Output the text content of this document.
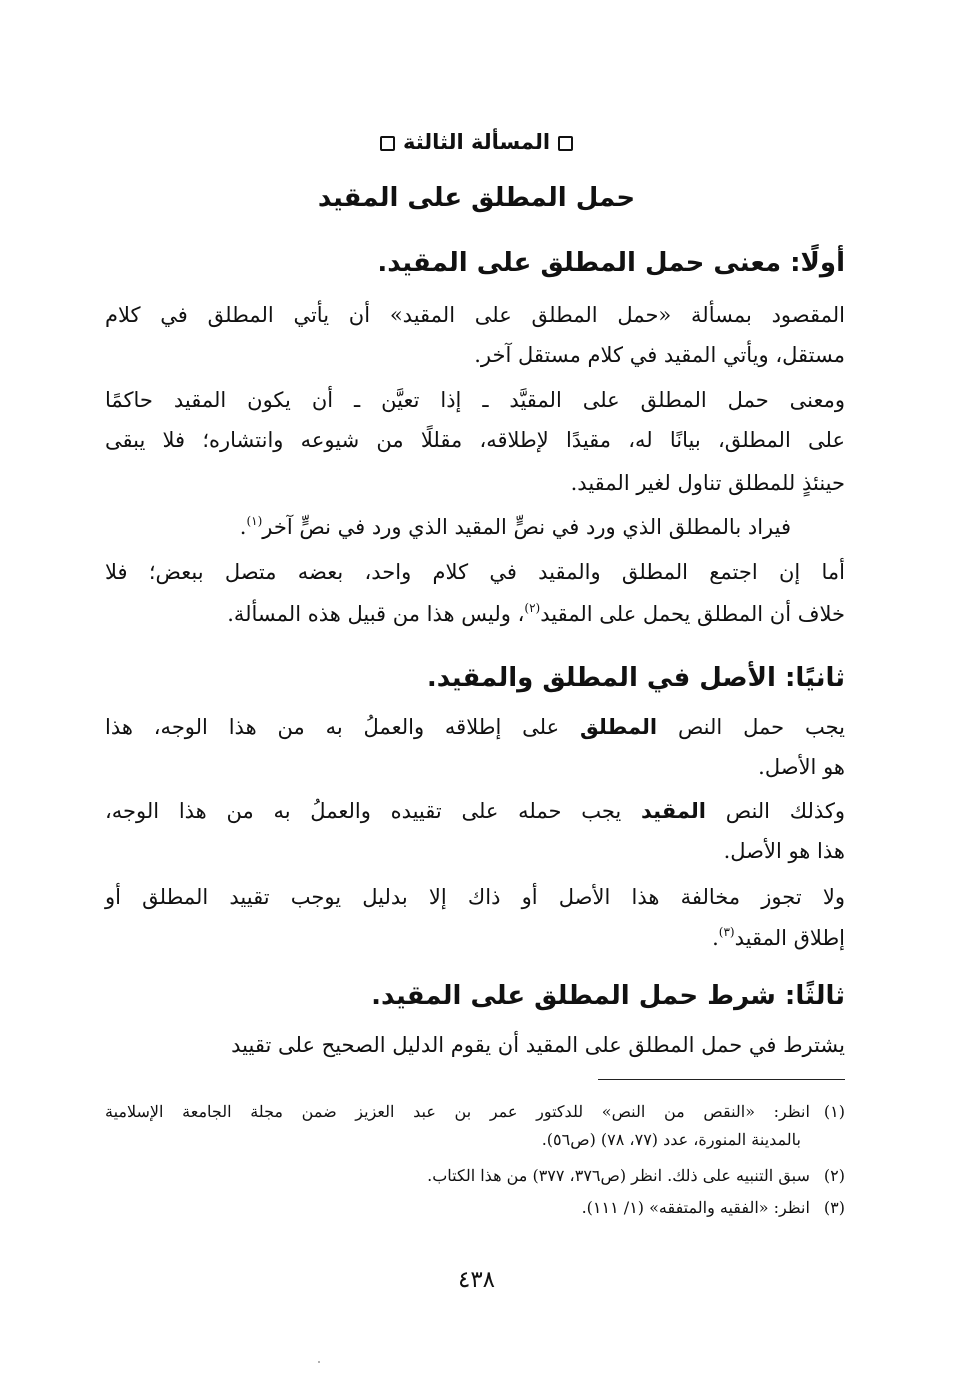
المسألة الثالثة
حمل المطلق على المقيد
أولًا: معنى حمل المطلق على المقيد.
المقصود بمسألة «حمل المطلق على المقيد» أن يأتي المطلق في كلام
مستقل، ويأتي المقيد في كلام مستقل آخر.
ومعنى حمل المطلق على المقيَّد ـ إذا تعيَّن ـ أن يكون المقيد حاكمًا
على المطلق، بيانًا له، مقيدًا لإطلاقه، مقللًا من شيوعه وانتشاره؛ فلا يبقى
حينئذٍ للمطلق تناول لغير المقيد.
فيراد بالمطلق الذي ورد في نصٍّ المقيد الذي ورد في نصٍّ آخر$^{(١)}$.
أما إن اجتمع المطلق والمقيد في كلام واحد، بعضه متصل ببعض؛ فلا
خلاف أن المطلق يحمل على المقيد$^{(٢)}$، وليس هذا من قبيل هذه المسألة.
ثانيًا: الأصل في المطلق والمقيد.
يجب حمل النص المطلق على إطلاقه والعملُ به من هذا الوجه، هذا
هو الأصل.
وكذلك النص المقيد يجب حمله على تقييده والعملُ به من هذا الوجه،
هذا هو الأصل.
ولا تجوز مخالفة هذا الأصل أو ذاك إلا بدليل يوجب تقييد المطلق أو
إطلاق المقيد$^{(٣)}$.
ثالثًا: شرط حمل المطلق على المقيد.
يشترط في حمل المطلق على المقيد أن يقوم الدليل الصحيح على تقييد
(١)انظر: «النقص من النص» للدكتور عمر بن عبد العزيز ضمن مجلة الجامعة الإسلامية
بالمدينة المنورة، عدد (٧٧، ٧٨) (ص٥٦).
(٢)سبق التنبيه على ذلك. انظر (ص٣٧٦، ٣٧٧) من هذا الكتاب.
(٣)انظر: «الفقيه والمتفقه» (١/ ١١١).
٤٣٨
